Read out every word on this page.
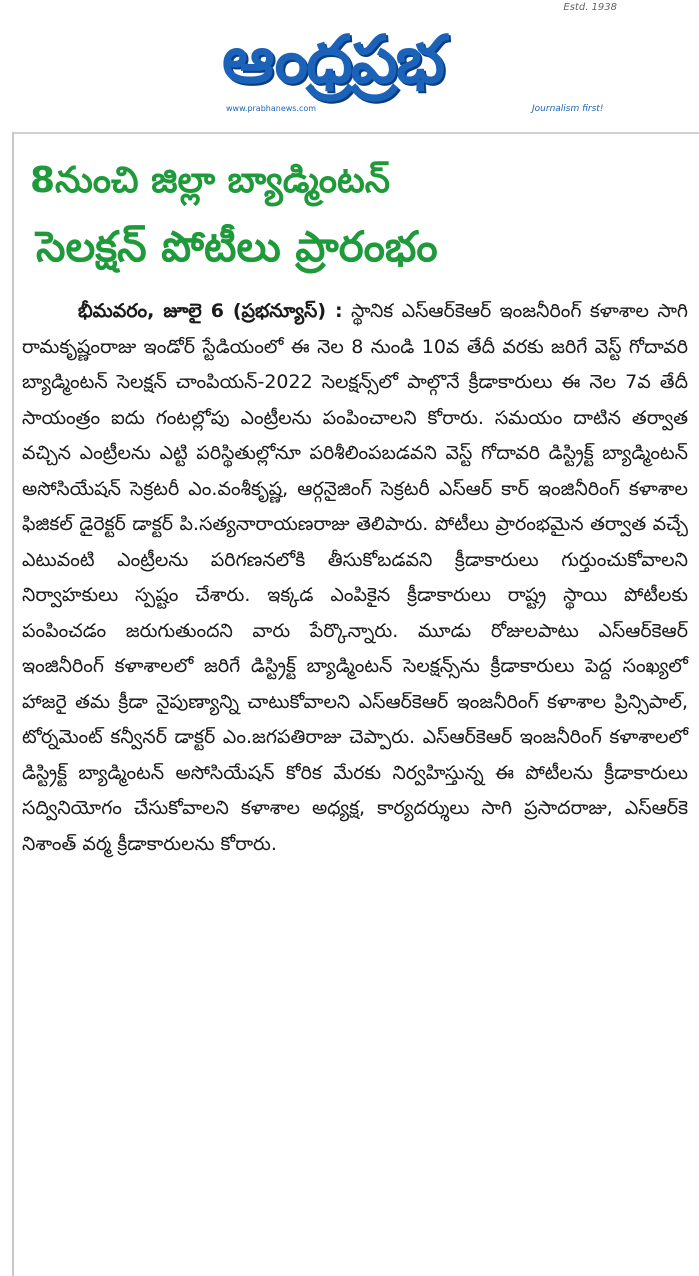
Estd. 1938
ఆంధ్రప్రభ
www.prabhanews.com	Journalism first!
8నుంచి జిల్లా బ్యాడ్మింటన్
సెలక్షన్ పోటీలు ప్రారంభం

భీమవరం, జూలై 6 (ప్రభన్యూస్) : స్థానిక ఎస్‌ఆర్‌కెఆర్ ఇంజనీరింగ్ కళాశాల సాగి రామకృష్ణంరాజు ఇండోర్ స్టేడియంలో ఈ నెల 8 నుండి 10వ తేదీ వరకు జరిగే వెస్ట్ గోదావరి బ్యాడ్మింటన్ సెలక్షన్ చాంపియన్-2022 సెలక్షన్స్‌లో పాల్గొనే క్రీడాకారులు ఈ నెల 7వ తేదీ సాయంత్రం ఐదు గంటల్లోపు ఎంట్రీలను పంపించాలని కోరారు. సమయం దాటిన తర్వాత వచ్చిన ఎంట్రీలను ఎట్టి పరిస్థితుల్లోనూ పరిశీలింపబడవని వెస్ట్ గోదావరి డిస్ట్రిక్ట్ బ్యాడ్మింటన్ అసోసియేషన్ సెక్రటరీ ఎం.వంశీకృష్ణ, ఆర్గనైజింగ్ సెక్రటరీ ఎస్‌ఆర్ కార్ ఇంజినీరింగ్ కళాశాల ఫిజికల్ డైరెక్టర్ డాక్టర్ పి.సత్యనారాయణరాజు తెలిపారు. పోటీలు ప్రారంభమైన తర్వాత వచ్చే ఎటువంటి ఎంట్రీలను పరిగణనలోకి తీసుకోబడవని క్రీడాకారులు గుర్తుంచుకోవాలని నిర్వాహకులు స్పష్టం చేశారు. ఇక్కడ ఎంపికైన క్రీడాకారులు రాష్ట్ర స్థాయి పోటీలకు పంపించడం జరుగుతుందని వారు పేర్కొన్నారు. మూడు రోజులపాటు ఎస్‌ఆర్‌కెఆర్ ఇంజినీరింగ్ కళాశాలలో జరిగే డిస్ట్రిక్ట్ బ్యాడ్మింటన్ సెలక్షన్స్‌ను క్రీడాకారులు పెద్ద సంఖ్యలో హాజరై తమ క్రీడా నైపుణ్యాన్ని చాటుకోవాలని ఎస్‌ఆర్‌కెఆర్ ఇంజనీరింగ్ కళాశాల ప్రిన్సిపాల్, టోర్నమెంట్ కన్వీనర్ డాక్టర్ ఎం.జగపతిరాజు చెప్పారు. ఎస్‌ఆర్‌కెఆర్ ఇంజనీరింగ్ కళాశాలలో డిస్ట్రిక్ట్ బ్యాడ్మింటన్ అసోసియేషన్ కోరిక మేరకు నిర్వహిస్తున్న ఈ పోటీలను క్రీడాకారులు సద్వినియోగం చేసుకోవాలని కళాశాల అధ్యక్ష, కార్యదర్శులు సాగి ప్రసాదరాజు, ఎస్‌ఆర్‌కె నిశాంత్ వర్మ క్రీడాకారులను కోరారు.
